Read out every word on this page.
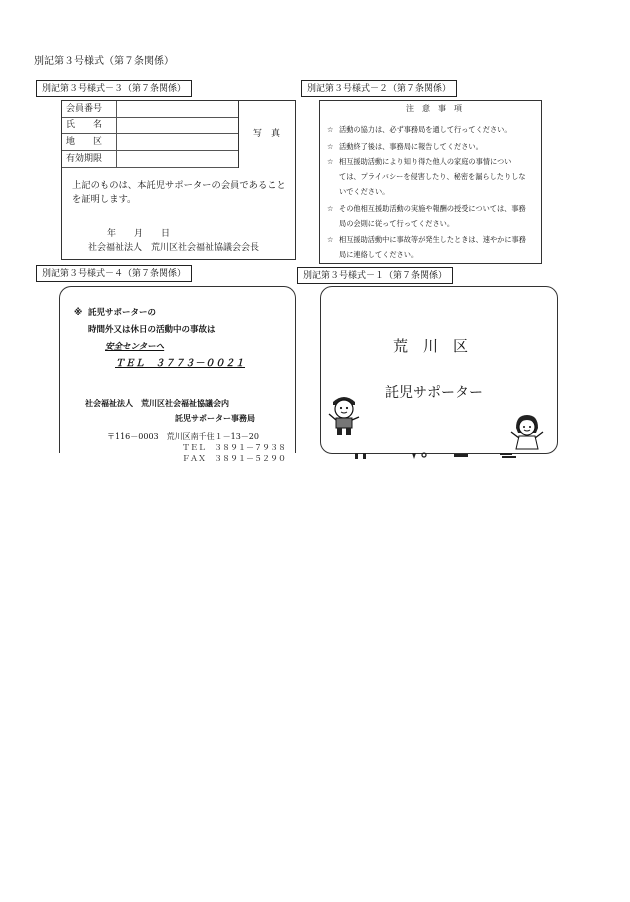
別記第３号様式（第７条関係）
別記第３号様式－３（第７条関係）
会員番号
氏　　名
地　　区
有効期限
写　真
上記のものは、本託児サポーターの会員であること
を証明します。
年　　月　　日
社会福祉法人　荒川区社会福祉協議会会長
別記第３号様式－２（第７条関係）
注　意　事　項
☆ 活動の協力は、必ず事務局を通して行ってください。
☆ 活動終了後は、事務局に報告してください。
☆ 相互援助活動により知り得た他人の家庭の事情につい
ては、プライバシーを侵害したり、秘密を漏らしたりしな
いでください。
☆ その他相互援助活動の実施や報酬の授受については、事務
局の会則に従って行ってください。
☆ 相互援助活動中に事故等が発生したときは、速やかに事務
局に連絡してください。
別記第３号様式－４（第７条関係）
※ 託児サポーターの
時間外又は休日の活動中の事故は
安全センターへ
ＴＥＬ　３７７３－００２１
社会福祉法人　荒川区社会福祉協議会内
託児サポーター事務局
〒116－0003　荒川区南千住１－13－20
ＴＥＬ　３８９１－７９３８
ＦＡＸ　３８９１－５２９０
別記第３号様式－１（第７条関係）
荒　川　区
託児サポーター
